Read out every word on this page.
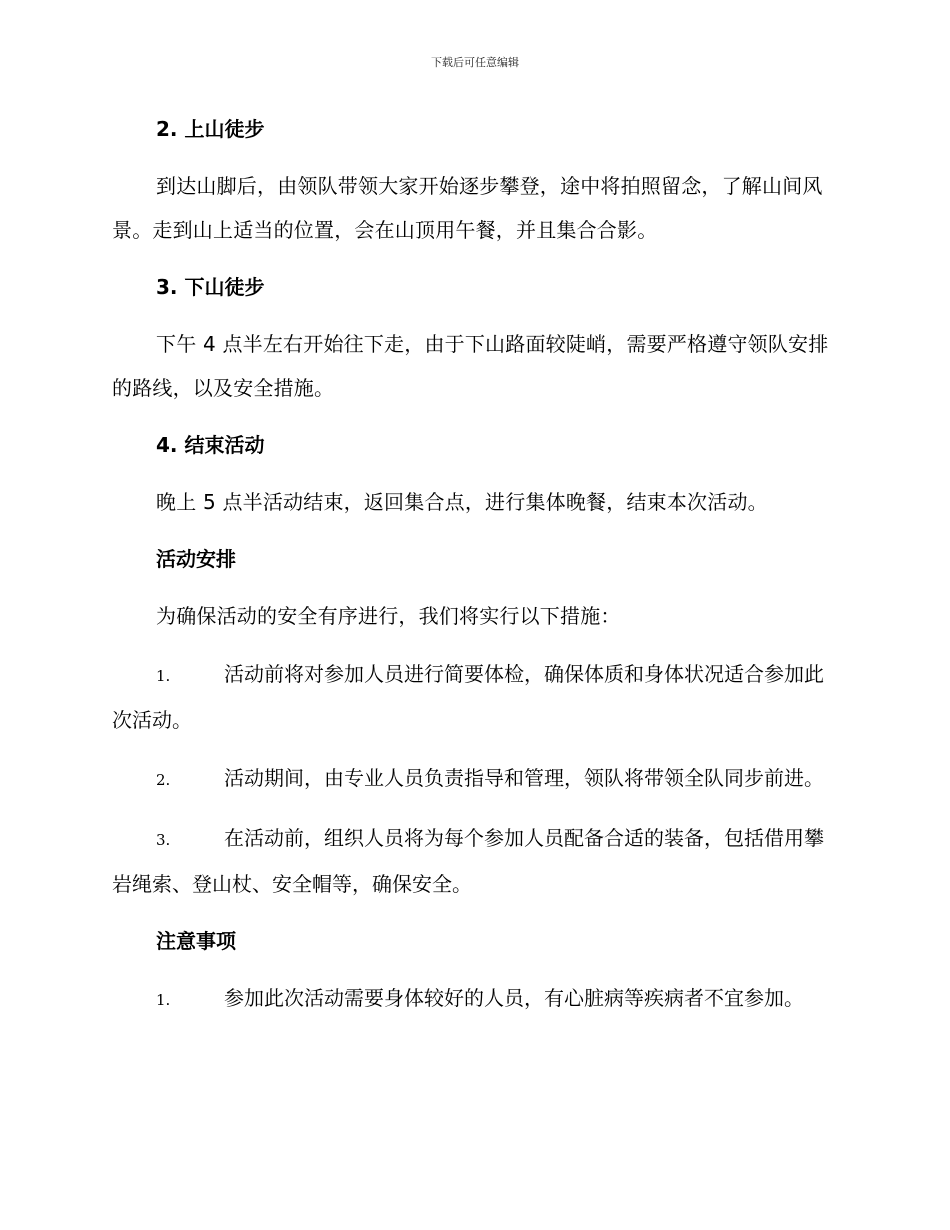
下载后可任意编辑
2. 上山徒步

到达山脚后，由领队带领大家开始逐步攀登，途中将拍照留念，了解山间风景。走到山上适当的位置，会在山顶用午餐，并且集合合影。

3. 下山徒步

下午 4 点半左右开始往下走，由于下山路面较陡峭，需要严格遵守领队安排的路线，以及安全措施。

4. 结束活动

晚上 5 点半活动结束，返回集合点，进行集体晚餐，结束本次活动。

活动安排

为确保活动的安全有序进行，我们将实行以下措施：

1.	活动前将对参加人员进行简要体检，确保体质和身体状况适合参加此次活动。

2.	活动期间，由专业人员负责指导和管理，领队将带领全队同步前进。

3.	在活动前，组织人员将为每个参加人员配备合适的装备，包括借用攀岩绳索、登山杖、安全帽等，确保安全。

注意事项

1.	参加此次活动需要身体较好的人员，有心脏病等疾病者不宜参加。
